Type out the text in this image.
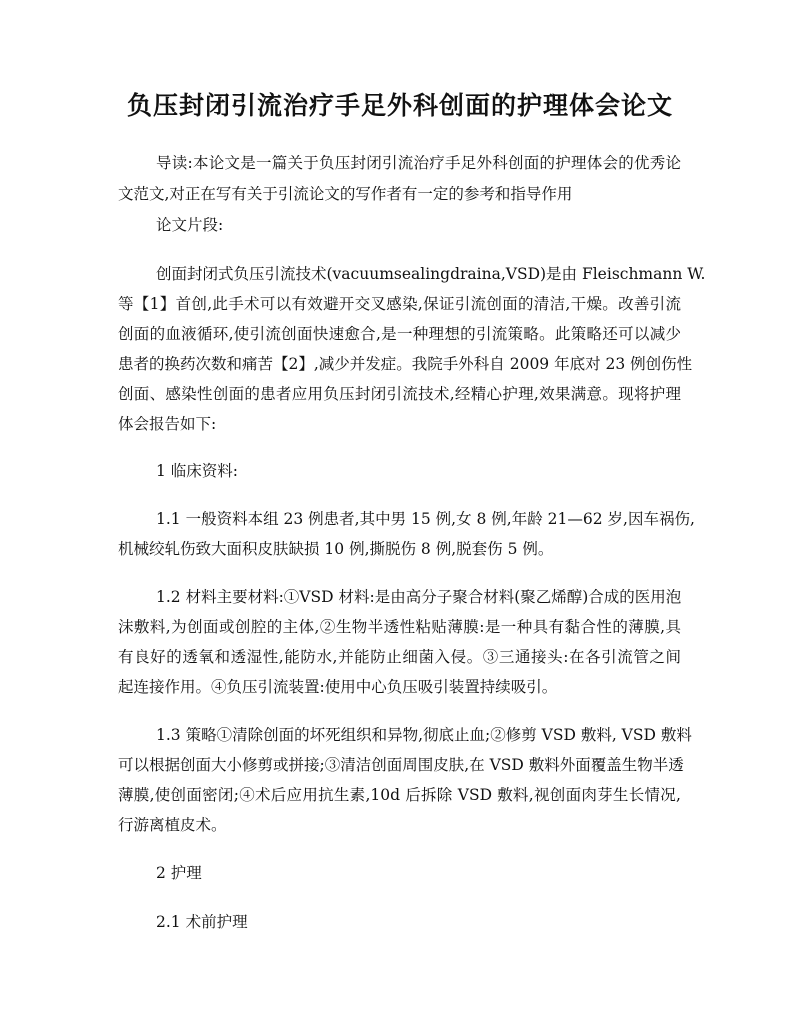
负压封闭引流治疗手足外科创面的护理体会论文
导读:本论文是一篇关于负压封闭引流治疗手足外科创面的护理体会的优秀论
文范文,对正在写有关于引流论文的写作者有一定的参考和指导作用
论文片段:
创面封闭式负压引流技术(vacuumsealingdraina,VSD)是由 Fleischmann W.
等【1】首创,此手术可以有效避开交叉感染,保证引流创面的清洁,干燥。改善引流
创面的血液循环,使引流创面快速愈合,是一种理想的引流策略。此策略还可以减少
患者的换药次数和痛苦【2】,减少并发症。我院手外科自 2009 年底对 23 例创伤性
创面、感染性创面的患者应用负压封闭引流技术,经精心护理,效果满意。现将护理
体会报告如下:
1 临床资料:
1.1 一般资料本组 23 例患者,其中男 15 例,女 8 例,年龄 21—62 岁,因车祸伤,
机械绞轧伤致大面积皮肤缺损 10 例,撕脱伤 8 例,脱套伤 5 例。
1.2 材料主要材料:①VSD 材料:是由高分子聚合材料(聚乙烯醇)合成的医用泡
沫敷料,为创面或创腔的主体,②生物半透性粘贴薄膜:是一种具有黏合性的薄膜,具
有良好的透氧和透湿性,能防水,并能防止细菌入侵。③三通接头:在各引流管之间
起连接作用。④负压引流装置:使用中心负压吸引装置持续吸引。
1.3 策略①清除创面的坏死组织和异物,彻底止血;②修剪 VSD 敷料, VSD 敷料
可以根据创面大小修剪或拼接;③清洁创面周围皮肤,在 VSD 敷料外面覆盖生物半透
薄膜,使创面密闭;④术后应用抗生素,10d 后拆除 VSD 敷料,视创面肉芽生长情况,
行游离植皮术。
2 护理
2.1 术前护理
